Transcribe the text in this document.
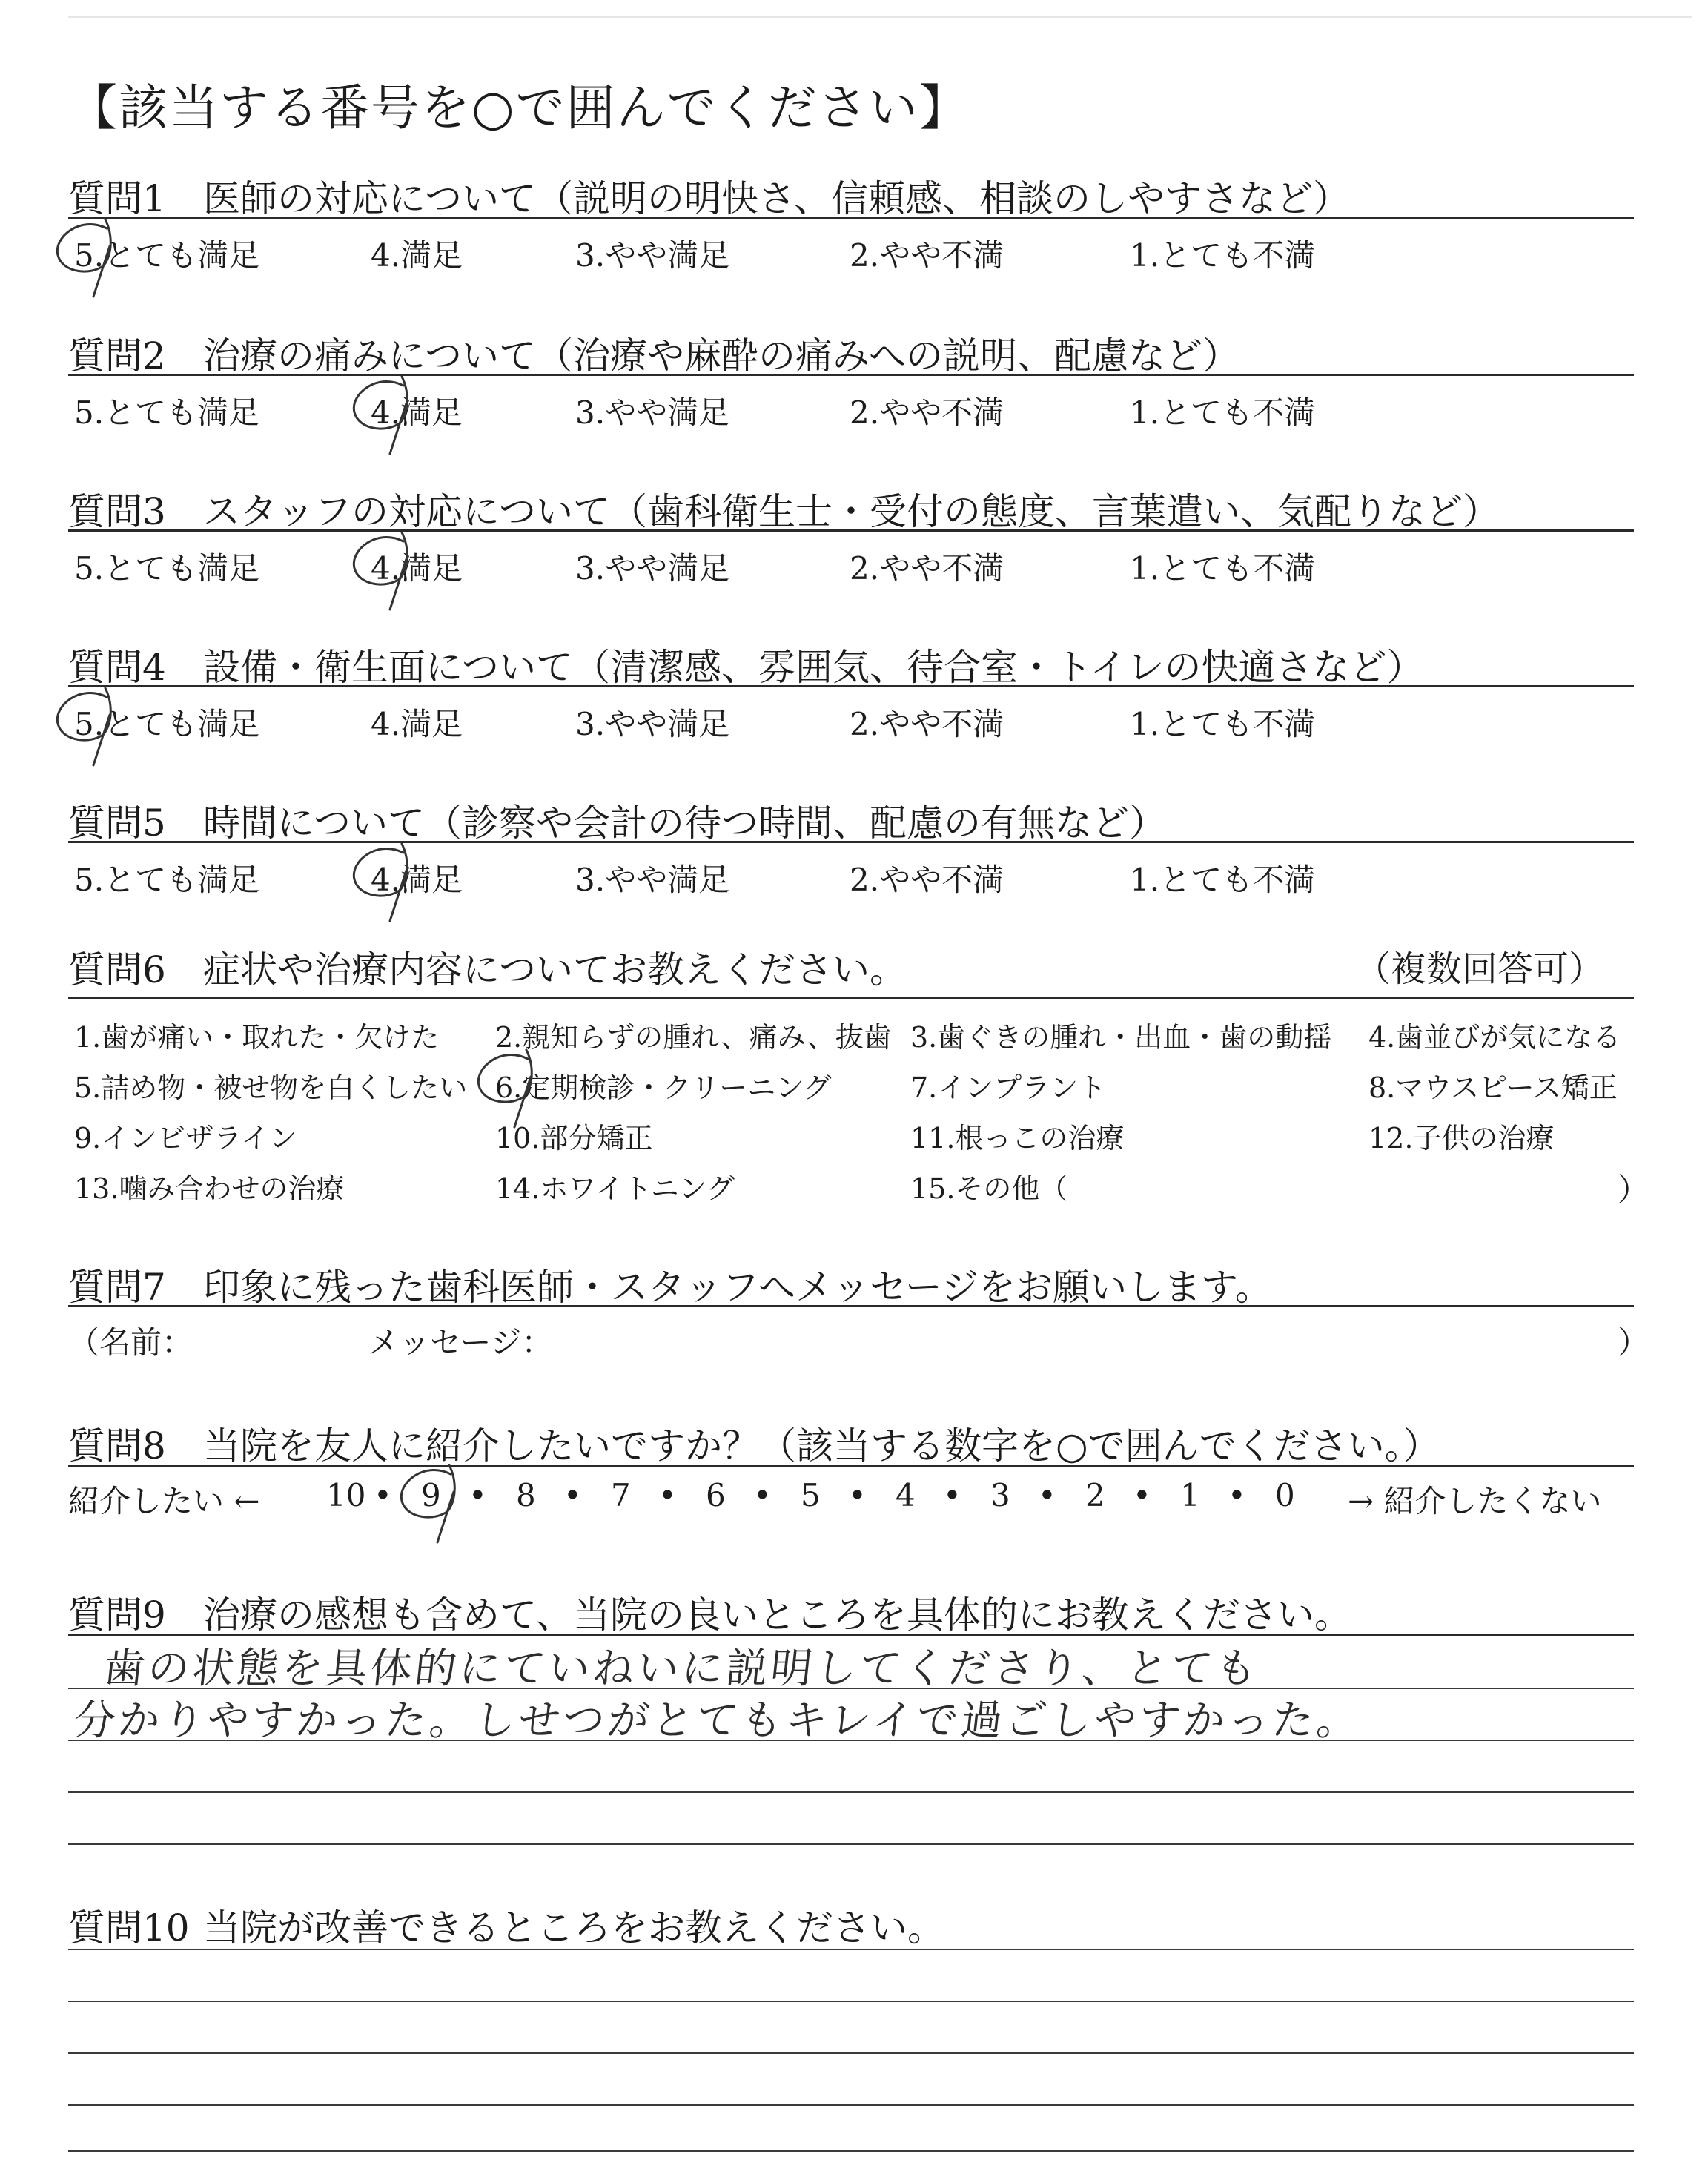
【該当する番号を○で囲んでください】
質問1 医師の対応について（説明の明快さ、信頼感、相談のしやすさなど）
5.とても満足	4.満足	3.やや満足	2.やや不満	1.とても不満
質問2 治療の痛みについて（治療や麻酔の痛みへの説明、配慮など）
5.とても満足	4.満足	3.やや満足	2.やや不満	1.とても不満
質問3 スタッフの対応について（歯科衛生士・受付の態度、言葉遣い、気配りなど）
5.とても満足	4.満足	3.やや満足	2.やや不満	1.とても不満
質問4 設備・衛生面について（清潔感、雰囲気、待合室・トイレの快適さなど）
5.とても満足	4.満足	3.やや満足	2.やや不満	1.とても不満
質問5 時間について（診察や会計の待つ時間、配慮の有無など）
5.とても満足	4.満足	3.やや満足	2.やや不満	1.とても不満
質問6 症状や治療内容についてお教えください。	（複数回答可）
1.歯が痛い・取れた・欠けた 2.親知らずの腫れ、痛み、抜歯 3.歯ぐきの腫れ・出血・歯の動揺 4.歯並びが気になる
5.詰め物・被せ物を白くしたい 6.定期検診・クリーニング	7.インプラント	8.マウスピース矯正
9.インビザライン	10.部分矯正	11.根っこの治療	12.子供の治療
13.噛み合わせの治療	14.ホワイトニング	15.その他（	）
質問7 印象に残った歯科医師・スタッフへメッセージをお願いします。
（名前：	メッセージ：	）
質問8 当院を友人に紹介したいですか？（該当する数字を○で囲んでください。）
紹介したい ← 10 • 9 • 8 • 7 • 6 • 5 • 4 • 3 • 2 • 1 • 0 → 紹介したくない
質問9 治療の感想も含めて、当院の良いところを具体的にお教えください。
歯の状態を具体的にていねいに説明してくださり、とても
分かりやすかった。しせつがとてもキレイで過ごしやすかった。
質問10 当院が改善できるところをお教えください。
